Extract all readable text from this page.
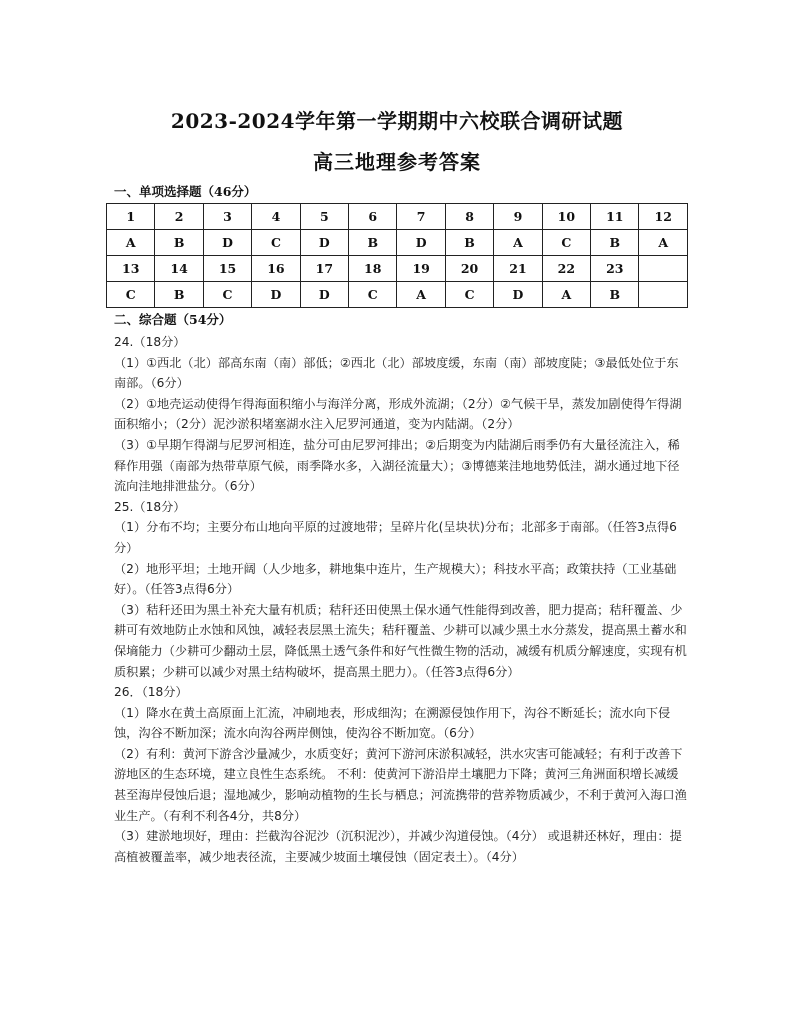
2023-2024学年第一学期期中六校联合调研试题
高三地理参考答案
一、单项选择题（46分）
1	2	3	4	5	6	7	8	9	10	11	12
A	B	D	C	D	B	D	B	A	C	B	A
13	14	15	16	17	18	19	20	21	22	23	
C	B	C	D	D	C	A	C	D	A	B	
二、综合题（54分）

24.（18分）

（1）①西北（北）部高东南（南）部低；②西北（北）部坡度缓，东南（南）部坡度陡；③最低处位于东南部。（6分）

（2）①地壳运动使得乍得海面积缩小与海洋分离，形成外流湖；（2分）②气候干旱，蒸发加剧使得乍得湖面积缩小；（2分）泥沙淤积堵塞湖水注入尼罗河通道，变为内陆湖。（2分）

（3）①早期乍得湖与尼罗河相连，盐分可由尼罗河排出；②后期变为内陆湖后雨季仍有大量径流注入，稀释作用强（南部为热带草原气候，雨季降水多，入湖径流量大）；③博德莱洼地地势低洼，湖水通过地下径流向洼地排泄盐分。（6分）

25.（18分）

（1）分布不均；主要分布山地向平原的过渡地带；呈碎片化(呈块状)分布；北部多于南部。（任答3点得6分）

（2）地形平坦；土地开阔（人少地多，耕地集中连片，生产规模大）；科技水平高；政策扶持（工业基础好）。（任答3点得6分）

（3）秸秆还田为黑土补充大量有机质；秸秆还田使黑土保水通气性能得到改善，肥力提高；秸秆覆盖、少耕可有效地防止水蚀和风蚀，减轻表层黑土流失；秸秆覆盖、少耕可以减少黑土水分蒸发，提高黑土蓄水和保墒能力（少耕可少翻动土层，降低黑土透气条件和好气性微生物的活动，减缓有机质分解速度，实现有机质积累；少耕可以减少对黑土结构破坏，提高黑土肥力）。（任答3点得6分）

26．（18分）

（1）降水在黄土高原面上汇流，冲刷地表，形成细沟；在溯源侵蚀作用下，沟谷不断延长；流水向下侵蚀，沟谷不断加深；流水向沟谷两岸侧蚀，使沟谷不断加宽。（6分）

（2）有利：黄河下游含沙量减少，水质变好；黄河下游河床淤积减轻，洪水灾害可能减轻；有利于改善下游地区的生态环境，建立良性生态系统。 不利：使黄河下游沿岸土壤肥力下降；黄河三角洲面积增长减缓甚至海岸侵蚀后退；湿地减少，影响动植物的生长与栖息；河流携带的营养物质减少，不利于黄河入海口渔业生产。（有利不利各4分，共8分）

（3）建淤地坝好，理由：拦截沟谷泥沙（沉积泥沙），并减少沟道侵蚀。（4分） 或退耕还林好，理由：提高植被覆盖率，减少地表径流，主要减少坡面土壤侵蚀（固定表土）。（4分）
